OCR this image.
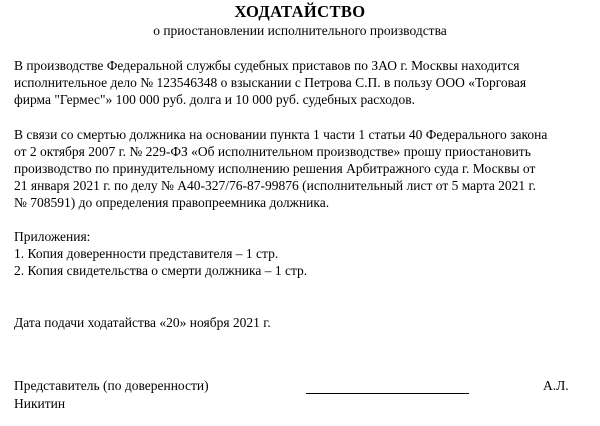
ХОДАТАЙСТВО
о приостановлении исполнительного производства
В производстве Федеральной службы судебных приставов по ЗАО г. Москвы находится
исполнительное дело № 123546348 о взыскании с Петрова С.П. в пользу ООО «Торговая
фирма "Гермес"» 100 000 руб. долга и 10 000 руб. судебных расходов.
В связи со смертью должника на основании пункта 1 части 1 статьи 40 Федерального закона
от 2 октября 2007 г. № 229-ФЗ «Об исполнительном производстве» прошу приостановить
производство по принудительному исполнению решения Арбитражного суда г. Москвы от
21 января 2021 г. по делу № А40-327/76-87-99876 (исполнительный лист от 5 марта 2021 г.
№ 708591) до определения правопреемника должника.
Приложения:
1. Копия доверенности представителя – 1 стр.
2. Копия свидетельства о смерти должника – 1 стр.
Дата подачи ходатайства «20» ноября 2021 г.
Представитель (по доверенности)	А.Л.
Никитин
